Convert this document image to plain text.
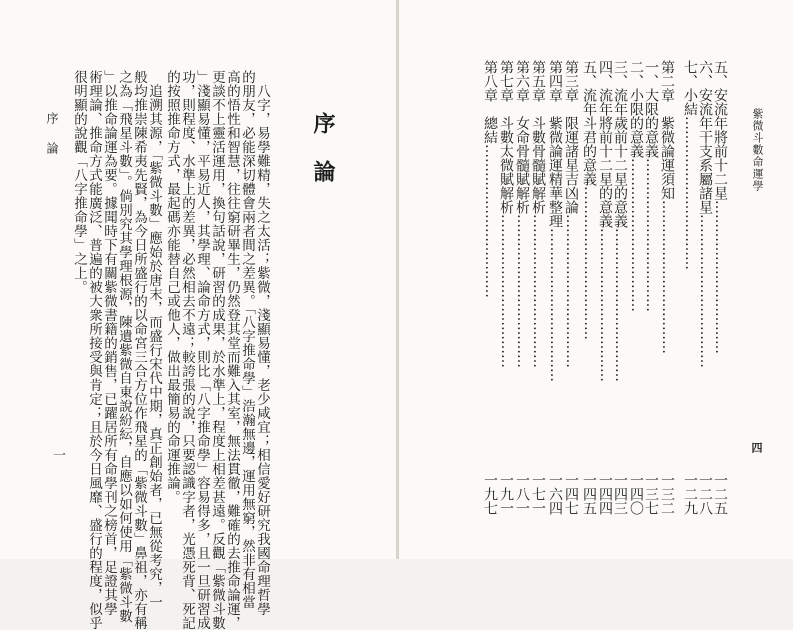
紫微斗數命運學
四
五、安流年將前十二星……………………………
一二五
六、安流年干支系屬諸星……………………………
一二八
七、小結……………………………
一二九
第二章　紫微論運須知……………………………
一三二
一、大限的意義……………………………
一三七
二、小限的意義……………………………
一四〇
三、流年歲前十二星的意義……………………………
一四三
四、流年將前十二星的意義……………………………
一四四
五、流年斗君的意義……………………………
一四五
第三章　限運諸星吉凶論……………………………
一四七
第四章　紫微論運精華整理……………………………
一六四
第五章　斗數骨髓賦解析……………………………
一七一
第六章　女命骨髓賦解析……………………………
一八一
第七章　斗數太微賦解析……………………………
一九一
第八章　總結……………………………
一九七
序論
八字，易學難精，失之太活；紫微，淺顯易懂，老少咸宜；相信愛好研究我國命理哲學
的朋友，必能深切體會兩者間之差異。「八字推命學」浩瀚無邊，運用無窮，然非有相當
高的悟性和智慧，往往窮研畢生，仍然登其堂而難入其室，無法貫徹，難確的去推命論運，
更談不上靈活運用，換句話說，研習的成果，於水準上，程度上相差甚遠。反觀「紫微斗數
」淺顯易懂，平易近人，其學理、論命方式，則比「八字推命學」容易得多，且一旦研習成
功，則程度、水準上的差異，必然相去不遠；較誇張的說，只要認識字者，光憑死背、死記
的按照推命方式，最起碼亦能替自己或他人，做出最簡易的命運推論。
追溯其源，「紫微斗數」應始於唐末，而盛行宋代中期，真正創始者，已無從考究，一
般均推崇陳希夷先賢，為今日所盛行的以命宮三合方位作飛星的「紫微斗數」鼻祖，亦有稱
之為「飛星斗數」。倘別究其學理根源，陳遺紫微自東說紛紜，自應以如何使用「紫微斗數
」以推命論運為要。據聞時下有關紫微書籍的銷售，已躍居所有命學刊之榜首，足證其學
術理論、推命方式能廣泛、普遍的被大衆所接受與肯定；且於今日風靡、盛行的程度，似乎
很明顯的說觀「八字推命學」之上。
序論
一
